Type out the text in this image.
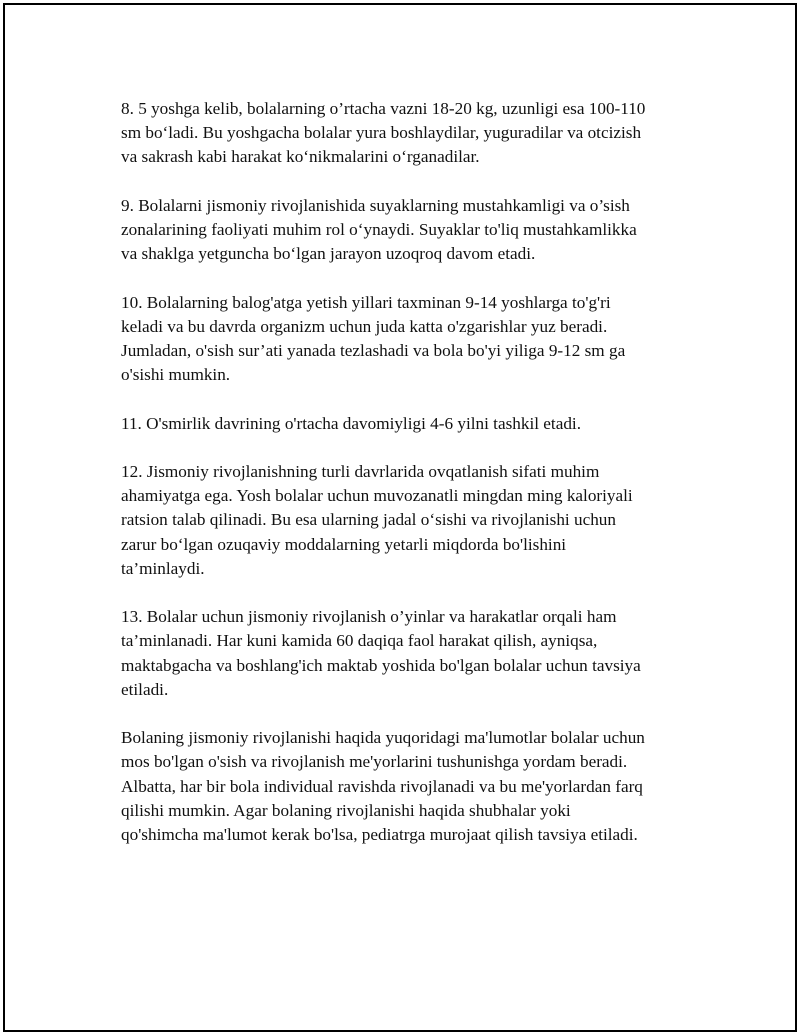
8. 5 yoshga kelib, bolalarning o’rtacha vazni 18-20 kg, uzunligi esa 100-110
sm bo‘ladi. Bu yoshgacha bolalar yura boshlaydilar, yuguradilar va otcizish
va sakrash kabi harakat ko‘nikmalarini o‘rganadilar.

9. Bolalarni jismoniy rivojlanishida suyaklarning mustahkamligi va o’sish
zonalarining faoliyati muhim rol o‘ynaydi. Suyaklar to'liq mustahkamlikka
va shaklga yetguncha bo‘lgan jarayon uzoqroq davom etadi.

10. Bolalarning balog'atga yetish yillari taxminan 9-14 yoshlarga to'g'ri
keladi va bu davrda organizm uchun juda katta o'zgarishlar yuz beradi.
Jumladan, o'sish sur’ati yanada tezlashadi va bola bo'yi yiliga 9-12 sm ga
o'sishi mumkin.

11. O'smirlik davrining o'rtacha davomiyligi 4-6 yilni tashkil etadi.

12. Jismoniy rivojlanishning turli davrlarida ovqatlanish sifati muhim
ahamiyatga ega. Yosh bolalar uchun muvozanatli mingdan ming kaloriyali
ratsion talab qilinadi. Bu esa ularning jadal o‘sishi va rivojlanishi uchun
zarur bo‘lgan ozuqaviy moddalarning yetarli miqdorda bo'lishini
ta’minlaydi.

13. Bolalar uchun jismoniy rivojlanish o’yinlar va harakatlar orqali ham
ta’minlanadi. Har kuni kamida 60 daqiqa faol harakat qilish, ayniqsa,
maktabgacha va boshlang'ich maktab yoshida bo'lgan bolalar uchun tavsiya
etiladi.

Bolaning jismoniy rivojlanishi haqida yuqoridagi ma'lumotlar bolalar uchun
mos bo'lgan o'sish va rivojlanish me'yorlarini tushunishga yordam beradi.
Albatta, har bir bola individual ravishda rivojlanadi va bu me'yorlardan farq
qilishi mumkin. Agar bolaning rivojlanishi haqida shubhalar yoki
qo'shimcha ma'lumot kerak bo'lsa, pediatrga murojaat qilish tavsiya etiladi.
